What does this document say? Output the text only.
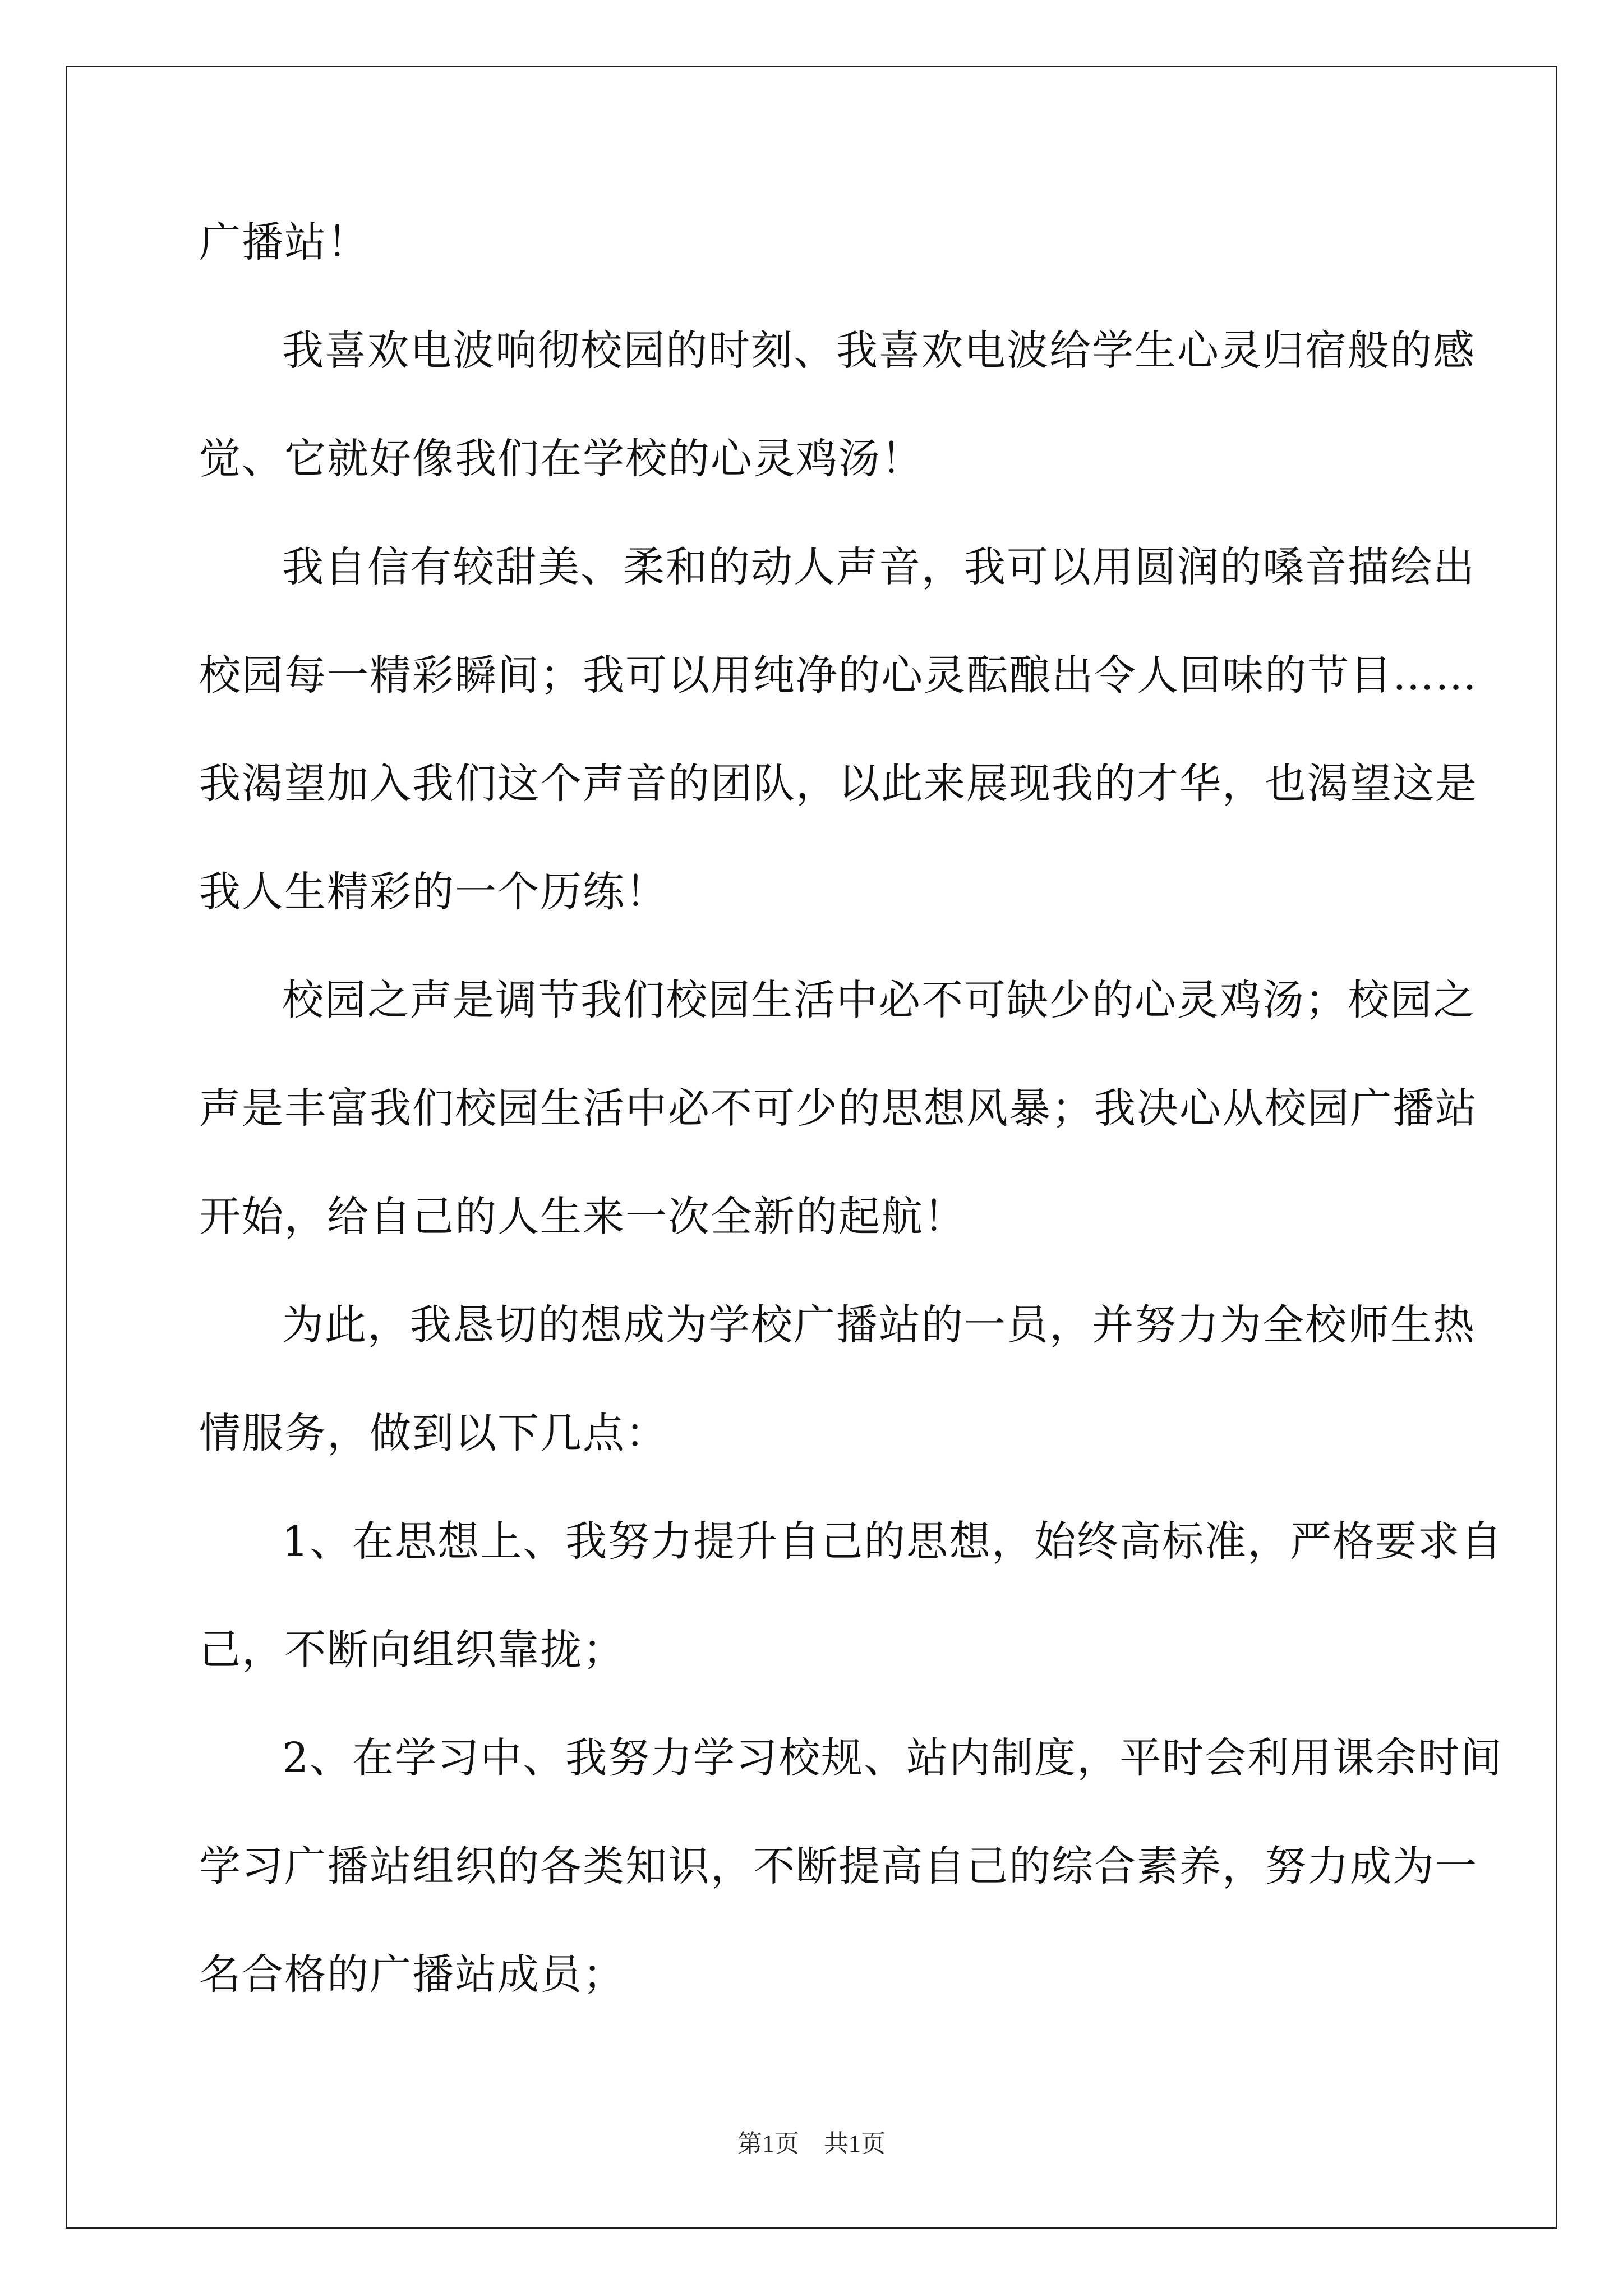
广播站！
我喜欢电波响彻校园的时刻、我喜欢电波给学生心灵归宿般的感
觉、它就好像我们在学校的心灵鸡汤！
我自信有较甜美、柔和的动人声音，我可以用圆润的嗓音描绘出
校园每一精彩瞬间；我可以用纯净的心灵酝酿出令人回味的节目……
我渴望加入我们这个声音的团队，以此来展现我的才华，也渴望这是
我人生精彩的一个历练！
校园之声是调节我们校园生活中必不可缺少的心灵鸡汤；校园之
声是丰富我们校园生活中必不可少的思想风暴；我决心从校园广播站
开始，给自己的人生来一次全新的起航！
为此，我恳切的想成为学校广播站的一员，并努力为全校师生热
情服务，做到以下几点：
1、在思想上、我努力提升自己的思想，始终高标准，严格要求自
己，不断向组织靠拢；
2、在学习中、我努力学习校规、站内制度，平时会利用课余时间
学习广播站组织的各类知识，不断提高自己的综合素养，努力成为一
名合格的广播站成员；
第1页　共1页
